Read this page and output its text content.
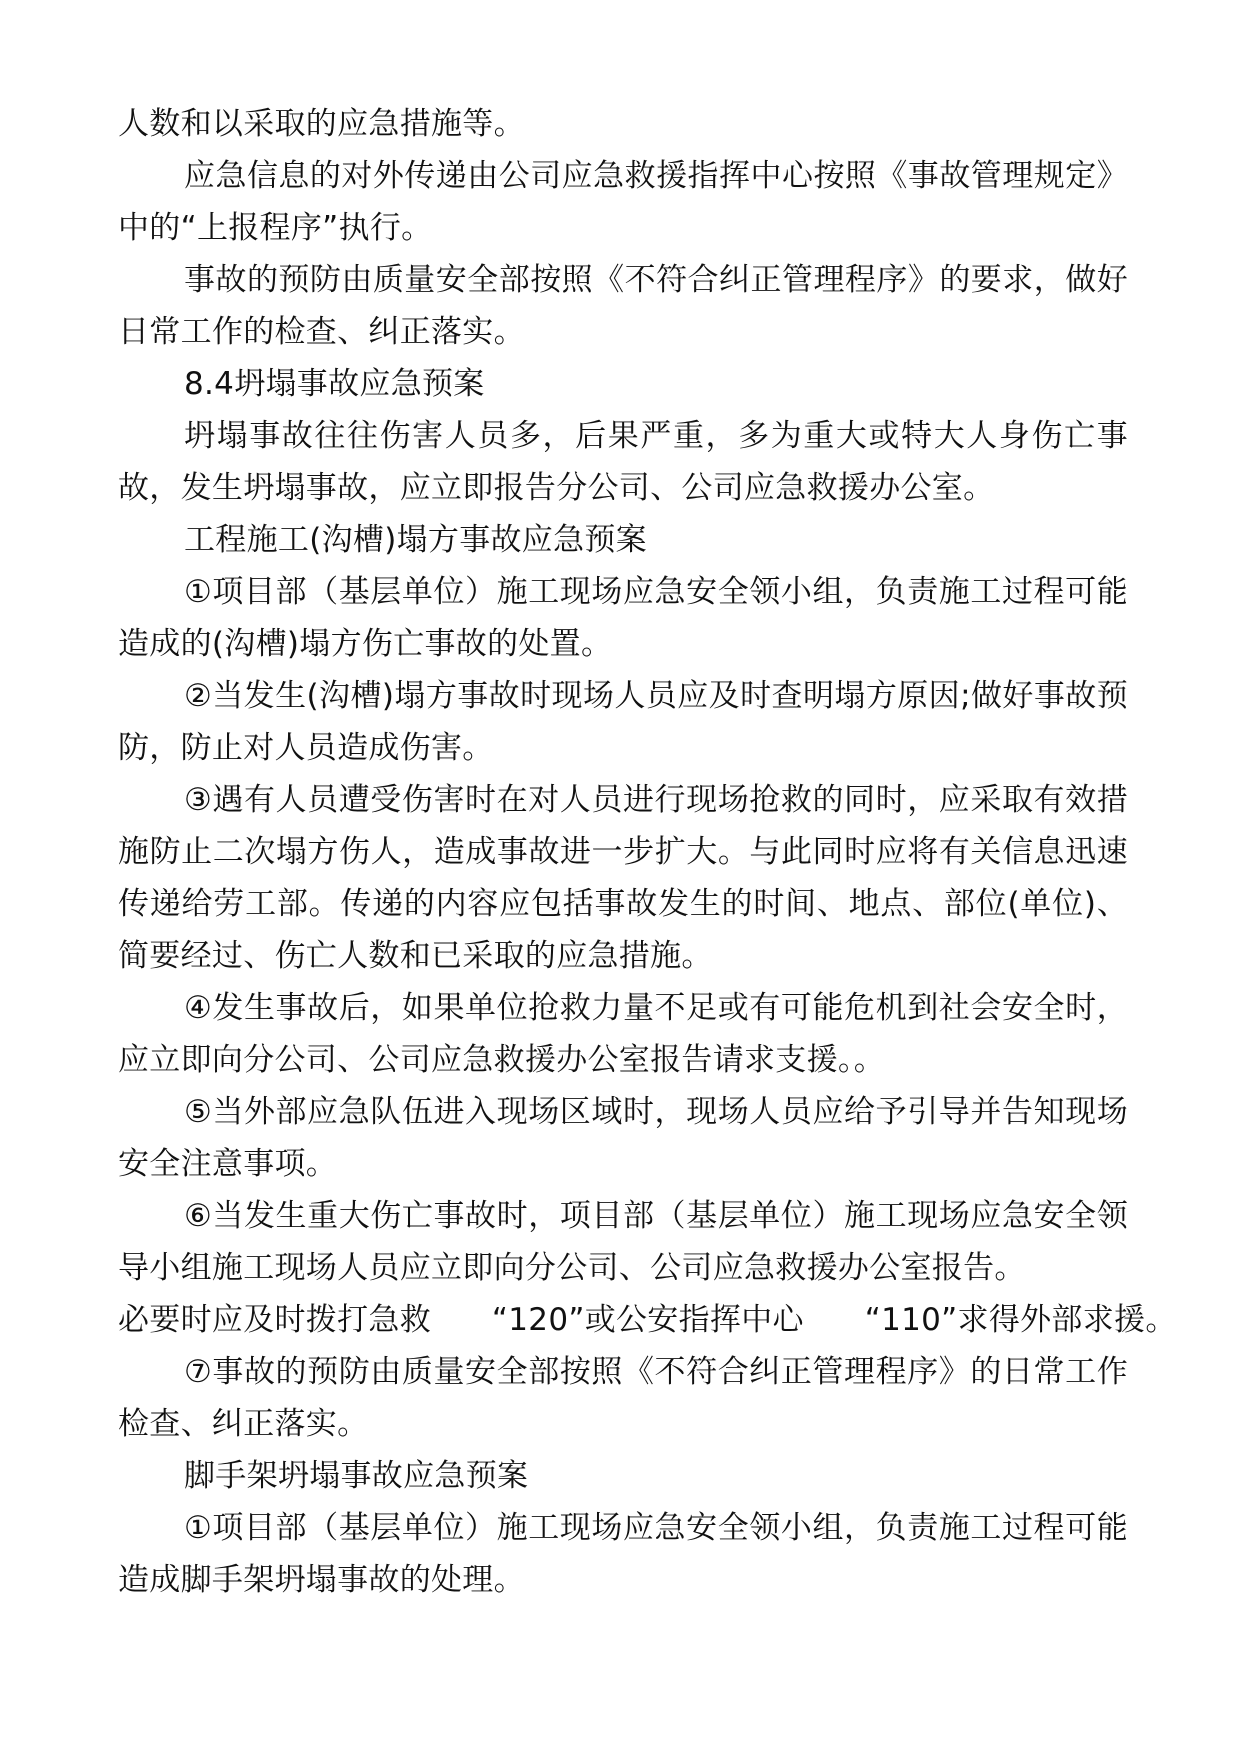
人数和以采取的应急措施等。

应急信息的对外传递由公司应急救援指挥中心按照《事故管理规定》中的“上报程序”执行。

事故的预防由质量安全部按照《不符合纠正管理程序》的要求，做好日常工作的检查、纠正落实。

8.4坍塌事故应急预案

坍塌事故往往伤害人员多，后果严重，多为重大或特大人身伤亡事故，发生坍塌事故，应立即报告分公司、公司应急救援办公室。

工程施工(沟槽)塌方事故应急预案

①项目部（基层单位）施工现场应急安全领小组，负责施工过程可能造成的(沟槽)塌方伤亡事故的处置。

②当发生(沟槽)塌方事故时现场人员应及时查明塌方原因;做好事故预防，防止对人员造成伤害。

③遇有人员遭受伤害时在对人员进行现场抢救的同时，应采取有效措施防止二次塌方伤人，造成事故进一步扩大。与此同时应将有关信息迅速传递给劳工部。传递的内容应包括事故发生的时间、地点、部位(单位)、简要经过、伤亡人数和已采取的应急措施。

④发生事故后，如果单位抢救力量不足或有可能危机到社会安全时，应立即向分公司、公司应急救援办公室报告请求支援。。

⑤当外部应急队伍进入现场区域时，现场人员应给予引导并告知现场安全注意事项。

⑥当发生重大伤亡事故时，项目部（基层单位）施工现场应急安全领导小组施工现场人员应立即向分公司、公司应急救援办公室报告。

必要时应及时拨打急救      “120”或公安指挥中心      “110”求得外部求援。

⑦事故的预防由质量安全部按照《不符合纠正管理程序》的日常工作检查、纠正落实。

脚手架坍塌事故应急预案

①项目部（基层单位）施工现场应急安全领小组，负责施工过程可能造成脚手架坍塌事故的处理。
